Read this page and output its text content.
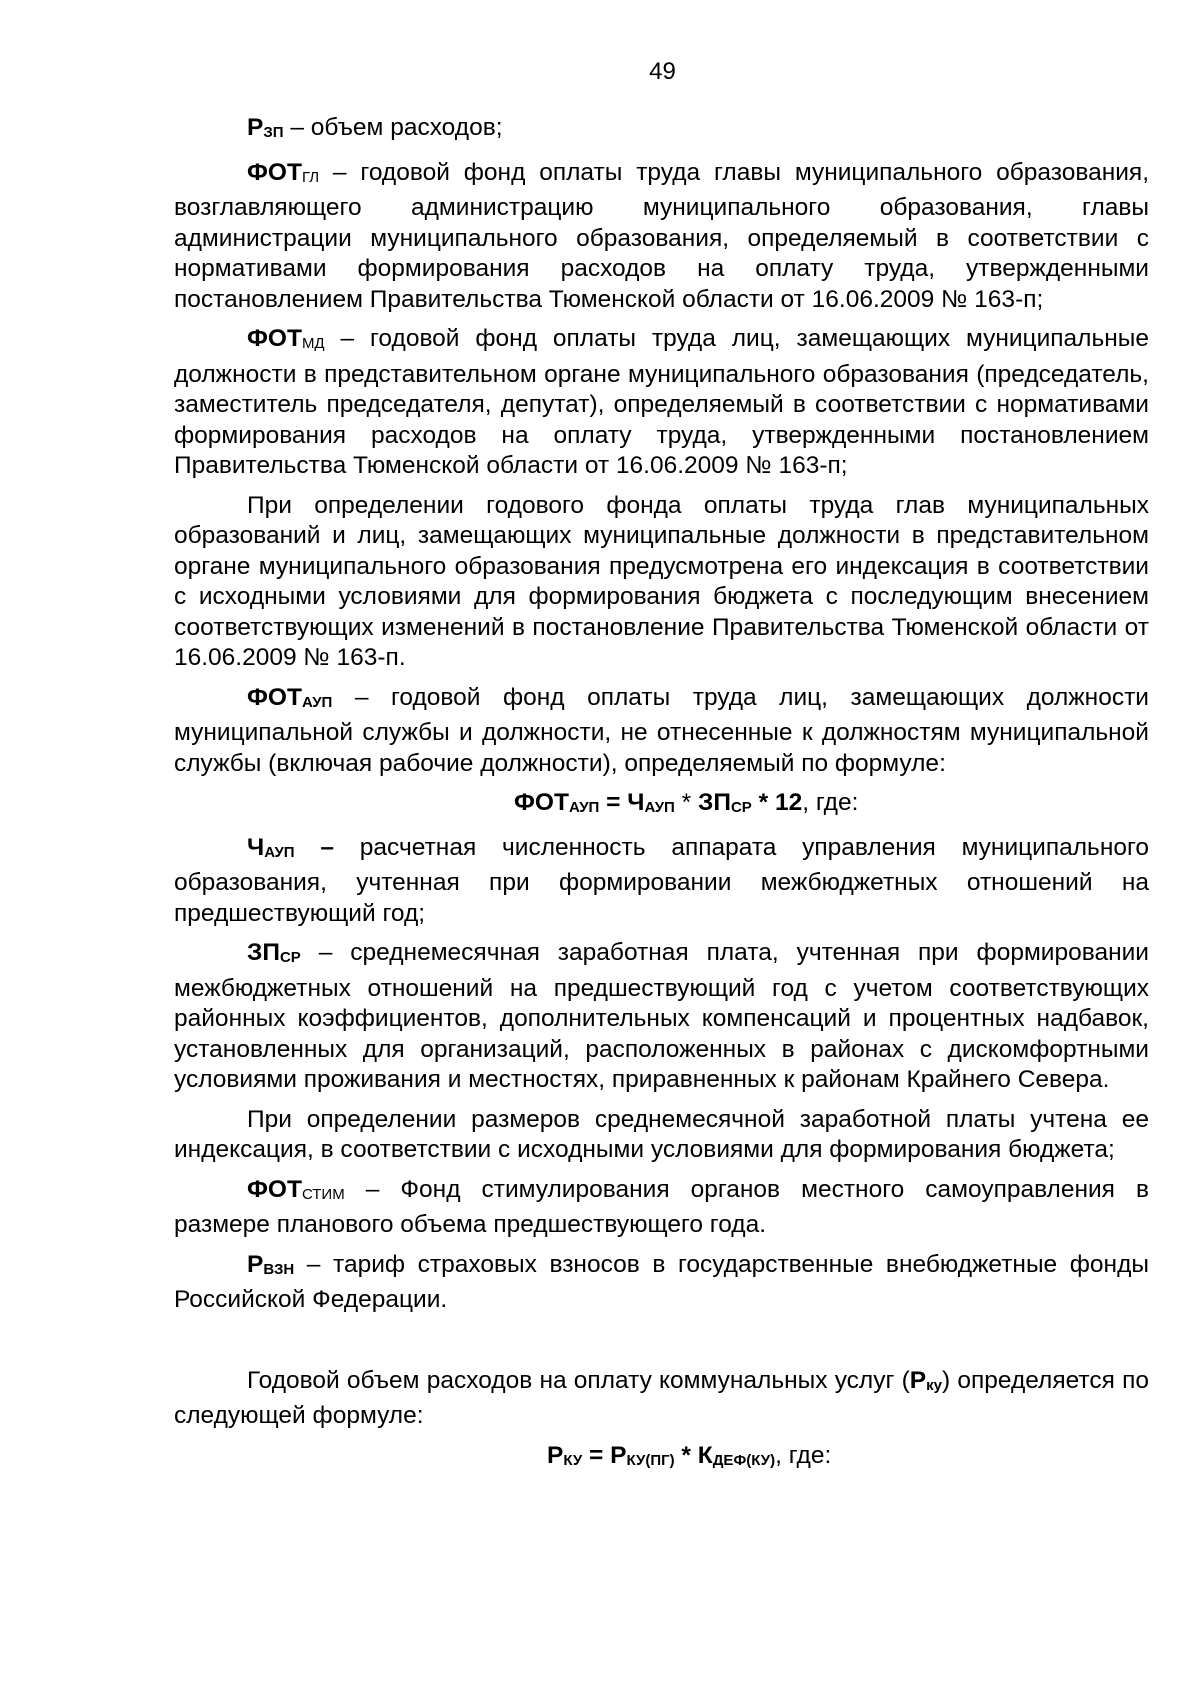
49

РЗП – объем расходов;

ФОТГЛ – годовой фонд оплаты труда главы муниципального образования, возглавляющего администрацию муниципального образования, главы администрации муниципального образования, определяемый в соответствии с нормативами формирования расходов на оплату труда, утвержденными постановлением Правительства Тюменской области от 16.06.2009 № 163-п;

ФОТМД – годовой фонд оплаты труда лиц, замещающих муниципальные должности в представительном органе муниципального образования (председатель, заместитель председателя, депутат), определяемый в соответствии с нормативами формирования расходов на оплату труда, утвержденными постановлением Правительства Тюменской области от 16.06.2009 № 163-п;

При определении годового фонда оплаты труда глав муниципальных образований и лиц, замещающих муниципальные должности в представительном органе муниципального образования предусмотрена его индексация в соответствии с исходными условиями для формирования бюджета с последующим внесением соответствующих изменений в постановление Правительства Тюменской области от 16.06.2009 № 163-п.

ФОТАУП – годовой фонд оплаты труда лиц, замещающих должности муниципальной службы и должности, не отнесенные к должностям муниципальной службы (включая рабочие должности), определяемый по формуле:

ФОТАУП = ЧАУП * ЗПСР * 12, где:

ЧАУП – расчетная численность аппарата управления муниципального образования, учтенная при формировании межбюджетных отношений на предшествующий год;

ЗПСР – среднемесячная заработная плата, учтенная при формировании межбюджетных отношений на предшествующий год с учетом соответствующих районных коэффициентов, дополнительных компенсаций и процентных надбавок, установленных для организаций, расположенных в районах с дискомфортными условиями проживания и местностях, приравненных к районам Крайнего Севера.

При определении размеров среднемесячной заработной платы учтена ее индексация, в соответствии с исходными условиями для формирования бюджета;

ФОТСТИМ – Фонд стимулирования органов местного самоуправления в размере планового объема предшествующего года.

РВЗН – тариф страховых взносов в государственные внебюджетные фонды Российской Федерации.

Годовой объем расходов на оплату коммунальных услуг (Рку) определяется по следующей формуле:

РКУ = РКУ(ПГ) * КДЕФ(КУ), где:
